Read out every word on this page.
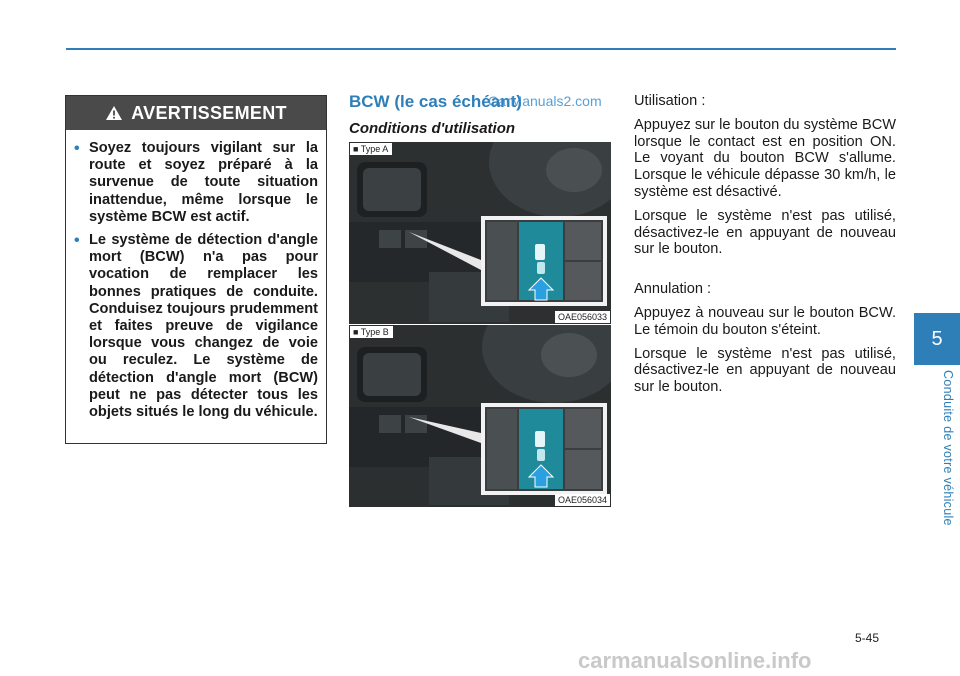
AVERTISSEMENT
• Soyez toujours vigilant sur la route et soyez préparé à la survenue de toute situation inattendue, même lorsque le système BCW est actif.
• Le système de détection d'angle mort (BCW) n'a pas pour vocation de remplacer les bonnes pratiques de conduite. Conduisez toujours prudemment et faites preuve de vigilance lorsque vous changez de voie ou reculez. Le système de détection d'angle mort (BCW) peut ne pas détecter tous les objets situés le long du véhicule.
BCW (le cas échéant)
CarManuals2.com
Conditions d'utilisation
■ Type A
OAE056033
■ Type B
OAE056034

Utilisation :

Appuyez sur le bouton du système BCW lorsque le contact est en position ON. Le voyant du bouton BCW s'allume. Lorsque le véhicule dépasse 30 km/h, le système est désactivé.

Lorsque le système n'est pas utilisé, désactivez-le en appuyant de nouveau sur le bouton.

Annulation :

Appuyez à nouveau sur le bouton BCW. Le témoin du bouton s'éteint.

Lorsque le système n'est pas utilisé, désactivez-le en appuyant de nouveau sur le bouton.

5
Conduite de votre véhicule
5-45
carmanualsonline.info
